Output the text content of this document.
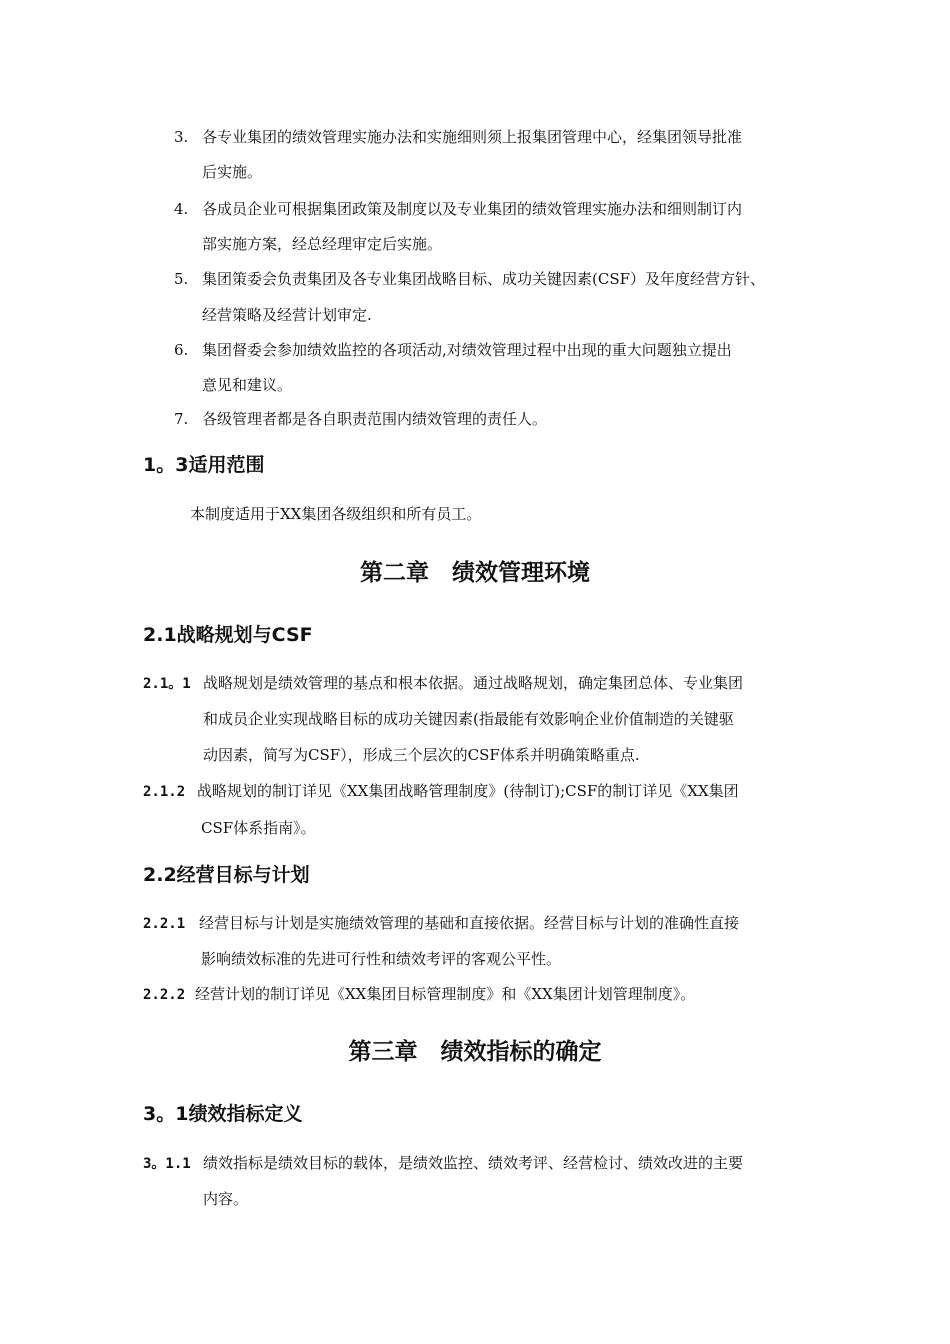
3. 各专业集团的绩效管理实施办法和实施细则须上报集团管理中心，经集团领导批准
后实施。
4. 各成员企业可根据集团政策及制度以及专业集团的绩效管理实施办法和细则制订内
部实施方案，经总经理审定后实施。
5. 集团策委会负责集团及各专业集团战略目标、成功关键因素(CSF）及年度经营方针、
经营策略及经营计划审定.
6. 集团督委会参加绩效监控的各项活动,对绩效管理过程中出现的重大问题独立提出
意见和建议。
7. 各级管理者都是各自职责范围内绩效管理的责任人。
1。3适用范围
本制度适用于XX集团各级组织和所有员工。
第二章　绩效管理环境
2.1战略规划与CSF
2.1。1 战略规划是绩效管理的基点和根本依据。通过战略规划，确定集团总体、专业集团
和成员企业实现战略目标的成功关键因素(指最能有效影响企业价值制造的关键驱
动因素，简写为CSF），形成三个层次的CSF体系并明确策略重点.
2.1.2 战略规划的制订详见《XX集团战略管理制度》(待制订);CSF的制订详见《XX集团
CSF体系指南》。
2.2经营目标与计划
2.2.1 经营目标与计划是实施绩效管理的基础和直接依据。经营目标与计划的准确性直接
影响绩效标准的先进可行性和绩效考评的客观公平性。
2.2.2 经营计划的制订详见《XX集团目标管理制度》和《XX集团计划管理制度》。
第三章　绩效指标的确定
3。1绩效指标定义
3。1.1 绩效指标是绩效目标的载体，是绩效监控、绩效考评、经营检讨、绩效改进的主要
内容。
